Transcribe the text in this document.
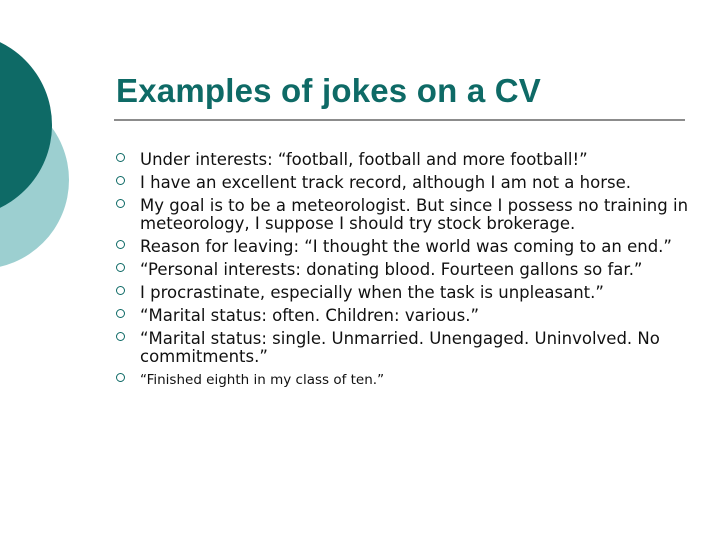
Examples of jokes on a CV
Under interests: “football, football and more football!”
I have an excellent track record, although I am not a horse.
My goal is to be a meteorologist. But since I possess no training in meteorology, I suppose I should try stock brokerage.
Reason for leaving: “I thought the world was coming to an end.”
“Personal interests: donating blood. Fourteen gallons so far.”
I procrastinate, especially when the task is unpleasant.”
“Marital status: often. Children: various.”
“Marital status: single. Unmarried. Unengaged. Uninvolved. No commitments.”
“Finished eighth in my class of ten.”
